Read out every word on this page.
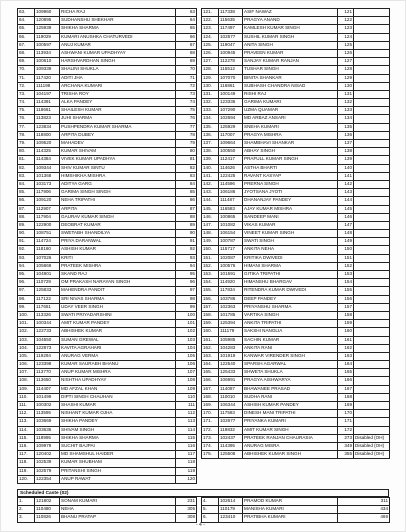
63.	109960	RICHA RAJ	63
64.	120895	SUDHANSHU SHEKHAR	64
65.	125939	SHIKHA SHARMA	65
66.	119029	KUMARI ANUSHKA CHATURVEDI	66
67.	100597	ANUJ KUMAR	67
68.	113934	ASHWANI KUMAR UPADHYAY	68
69.	100610	HARSHVARDHAN SINGH	69
70.	109339	SHALINI SHUKLA	70
71.	117420	ADITI JHA	71
72.	111198	ARCHANA KUMARI	72
73.	104197	TRISHA ROY	73
74.	114391	ALKA PANDEY	74
75.	118661	SHAILESH KUMAR	75
76.	113823	JUHI SHARMA	76
77.	123834	PUSHPENDRA KUMAR SHARMA	77
78.	118800	ARPITA DUBEY	78
79.	109520	MAHADEV	79
80.	114325	KUMAR SHIVAM	80
81.	114384	VIVEK KUMAR UPADHYA	81
82.	109344	SHIV KUMAR SINTU	82
83.	101368	HIMSHIKHA MISHRA	83
84.	103173	ADITYA GARG	84
85.	117906	GARIMA SINGH SINGH	85
86.	109120	NEHA TRIPATHI	86
87.	112907	ARPITA	87
88.	117904	GAURAV KUMAR SINGH	88
89.	122900	DEOBRAT KUMAR	89
90.	108751	SWETABH SHANDILYA	90
91.	114724	PRIYA DARANWAL	91
92.	118160	ASHISH KUMAR	92
93.	107026	KRITI	93
94.	105869	PRATEEK MISHRA	94
95.	104901	SKAND RAJ	95
96.	110729	OM PRAKASH NARAYAN SINGH	96
97.	125833	MAHENDRA PANDIT	97
98.	117122	SRI NIVAS SHARMA	98
99.	117651	UDAY VEER SINGH	99
100.	113326	SWATI PRIYADARSHINI	100
101.	100344	AMIT KUMAR PANDEY	101
102.	122733	ABHISHEK KUMAR	102
103.	104550	SUMAN GREWAL	103
104.	122873	KAVITA AGRAHARI	104
105.	119294	ANURAG VERMA	105
106.	123398	KUMAR SAURABH BHANU	106
107.	113770	ANUP KUMAR MISHRA	107
108.	113650	NISHTHA UPADHYAY	108
109.	114407	MD AFZAL KHAN	109
110.	101499	DIPTI SINGH CHAUHAN	110
111.	100302	SHASHI KUMAR	111
112.	113595	NISHANT KUMAR OJHA	112
113.	103669	SHIKHA PANDEY	113
114.	103636	SHIVAM SINGH	114
115.	118995	SHIKHA SHARMA	115
116.	109978	SUCHIT BAJPAI	116
117.	120402	MD SHAMSHUL HAIDER	117
118.	102539	KUMAR SHUBHAM	118
119.	102579	PRITANSHI SINGH	119
120.	122354	ANUP RAWAT	120
121.	117338	ASIF NAWAZ	121	
122.	115635	PRAGYA ANAND	122	
123.	117497	KAMLESH KUMAR SINGH	123	
124.	102577	SUSHIL KUMAR SINGH	124	
125.	119047	ANITA SINGH	125	
126.	100945	PRAVEEN KUMAR	126	
127.	112278	SANJAY KUMAR RANJAN	127	
128.	115512	TUSHAR SINGH	128	
129.	107070	BINITA SHANKAR	129	
130.	116861	SUBHASH CHANDRA NISAD	130	
131.	100149	RISHI RAJ	131	
132.	123336	GARIMA KUMARI	132	
133.	107290	UZMA QUAMAR	133	
134.	102694	MD ARBAZ ANSARI	134	
135.	125929	SNEHA KUMARI	135	
136.	117007	PRAGYA MISHRA	136	
137.	109664	SHAMBHAVI SHANKAR	137	
138.	100550	ABHAY SINGH	138	
139.	112417	PRAFULL KUMAR SINGH	139	
140.	114626	ASTHA BHARTI	140	
141.	122425	RAVANT KASYAP	141	
142.	114596	PRERNA SINGH	142	
143.	106186	JYOTSANA JYOTI	143	
144.	111487	DHANANJAY PANDEY	144	
145.	116583	AJAY KUMAR MISHRA	145	
146.	100865	SANDEEP MANI	146	
147.	101082	VIKAS KUMAR	147	
148.	106154	VINEET KUMAR SINGH	148	
149.	100787	SWATI SINGH	149	
150.	115717	ANKITA NEHA	150	
151.	102087	KRITIKA DWIVEDI	151	
152.	100576	HIMANI SHARMA	152	
153.	101591	GITIKA TRIPATHI	153	
154.	114920	HIMANSHU BHARGAV	154	
155.	117834	RITENDRA KUMAR DWIVEDI	155	
156.	103786	DEEP PANDEY	156	
157.	102363	PRIYANSHU SHARMA	157	
158.	101785	VARTIKA SINGH	158	
159.	125394	ANKITA TRIPATHI	159	
160.	111179	SAKSHI NANGLIA	160	
161.	105985	SACHIN KUMAR	161	
162.	104283	ANKITA RANI	162	
163.	101919	KANWAR VIRENDER SINGH	163	
164.	122540	SPARSH AGARWAL	164	
165.	125433	SHWETA SHUKLA	165	
166.	106991	PRAGYA AISHWARYA	166	
167.	114087	BHAWANEE PRASAD	167	
168.	110010	SUDHA RANI	168	
169.	106344	ASHISH KUMAR PANDEY	169	
170.	117583	DINESH MANI TRIPATHI	170	
171.	102677	PRIYANKA KUMARI	171	
172.	119832	AMIT KUMAR SINGH	172	
173.	102437	PRATEEK RANJAN CHAURASIA	273	Disabled (OH)
174.	114395	ANURAG MISRA	349	Disabled (OH)
175.	125508	ABHISHEK KUMAR SINGH	355	Disabled (OH)
Scheduled Caste (02)
1.	121802	SONAM KUMARI	231
2.	110480	NEHA	305
3.	110826	BHANU PRATAP	308
4.	102614	PRAMOD KUMAR	311
5.	110179	MANISHA KUMARI	434
6.	123410	PRATIBHA KUMARI	469
- 4 -
